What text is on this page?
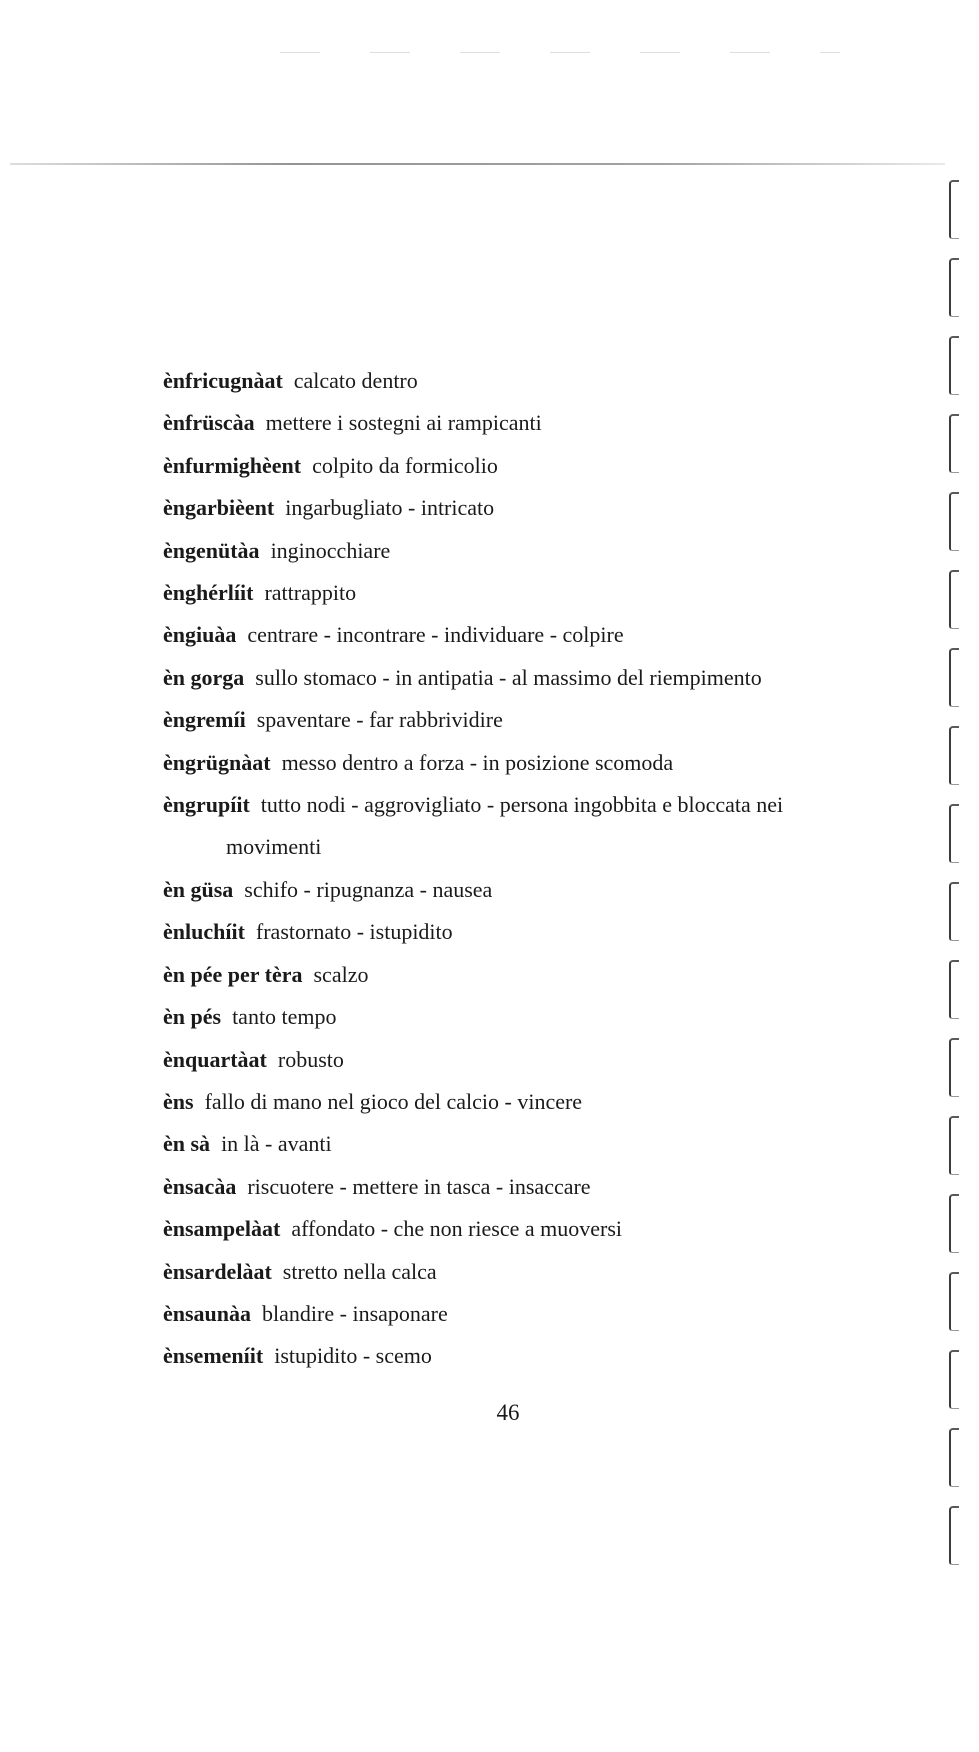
ènfricugnàat calcato dentro
ènfrüscàa mettere i sostegni ai rampicanti
ènfurmighèent colpito da formicolio
èngarbièent ingarbugliato - intricato
èngenütàa inginocchiare
ènghérlíit rattrappito
èngiuàa centrare - incontrare - individuare - colpire
èn gorga sullo stomaco - in antipatia - al massimo del riempimento
èngremíi spaventare - far rabbrividire
èngrügnàat messo dentro a forza - in posizione scomoda
èngrupíit tutto nodi - aggrovigliato - persona ingobbita e bloccata nei
movimenti
èn güsa schifo - ripugnanza - nausea
ènluchíit frastornato - istupidito
èn pée per tèra scalzo
èn pés tanto tempo
ènquartàat robusto
èns fallo di mano nel gioco del calcio - vincere
èn sà in là - avanti
ènsacàa riscuotere - mettere in tasca - insaccare
ènsampelàat affondato - che non riesce a muoversi
ènsardelàat stretto nella calca
ènsaunàa blandire - insaponare
ènsemeníit istupidito - scemo
46
